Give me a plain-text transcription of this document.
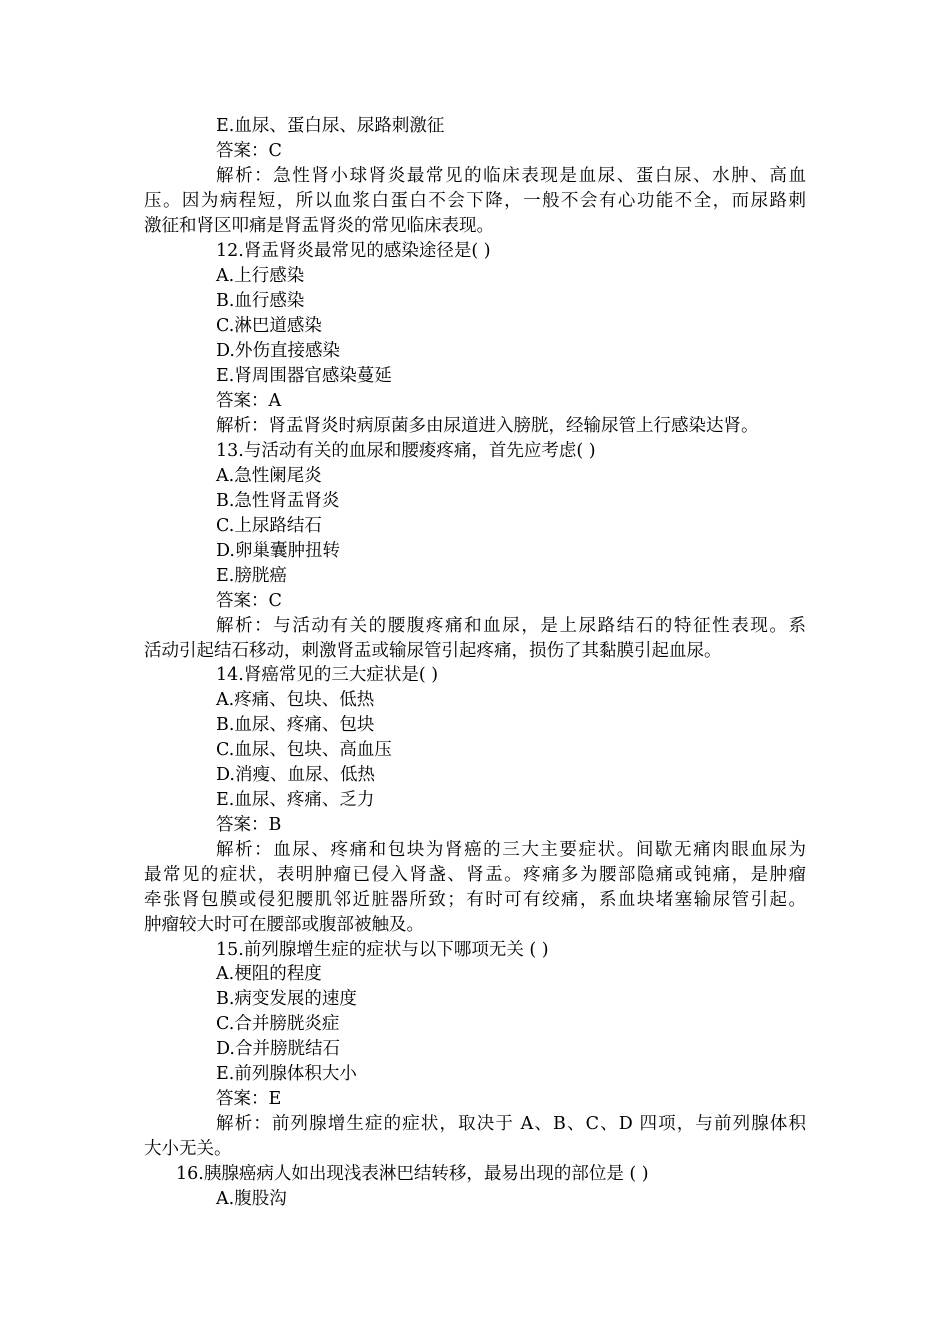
E.血尿、蛋白尿、尿路刺激征
答案：C
解析：急性肾小球肾炎最常见的临床表现是血尿、蛋白尿、水肿、高血
压。因为病程短，所以血浆白蛋白不会下降，一般不会有心功能不全，而尿路刺
激征和肾区叩痛是肾盂肾炎的常见临床表现。
12.肾盂肾炎最常见的感染途径是( )
A.上行感染
B.血行感染
C.淋巴道感染
D.外伤直接感染
E.肾周围器官感染蔓延
答案：A
解析：肾盂肾炎时病原菌多由尿道进入膀胱，经输尿管上行感染达肾。
13.与活动有关的血尿和腰痠疼痛，首先应考虑( )
A.急性阑尾炎
B.急性肾盂肾炎
C.上尿路结石
D.卵巢囊肿扭转
E.膀胱癌
答案：C
解析：与活动有关的腰腹疼痛和血尿，是上尿路结石的特征性表现。系
活动引起结石移动，刺激肾盂或输尿管引起疼痛，损伤了其黏膜引起血尿。
14.肾癌常见的三大症状是( )
A.疼痛、包块、低热
B.血尿、疼痛、包块
C.血尿、包块、高血压
D.消瘦、血尿、低热
E.血尿、疼痛、乏力
答案：B
解析：血尿、疼痛和包块为肾癌的三大主要症状。间歇无痛肉眼血尿为
最常见的症状，表明肿瘤已侵入肾盏、肾盂。疼痛多为腰部隐痛或钝痛，是肿瘤
牵张肾包膜或侵犯腰肌邻近脏器所致；有时可有绞痛，系血块堵塞输尿管引起。
肿瘤较大时可在腰部或腹部被触及。
15.前列腺增生症的症状与以下哪项无关 ( )
A.梗阻的程度
B.病变发展的速度
C.合并膀胱炎症
D.合并膀胱结石
E.前列腺体积大小
答案：E
解析：前列腺增生症的症状，取决于 A、B、C、D 四项，与前列腺体积
大小无关。
16.胰腺癌病人如出现浅表淋巴结转移，最易出现的部位是 ( )
A.腹股沟
